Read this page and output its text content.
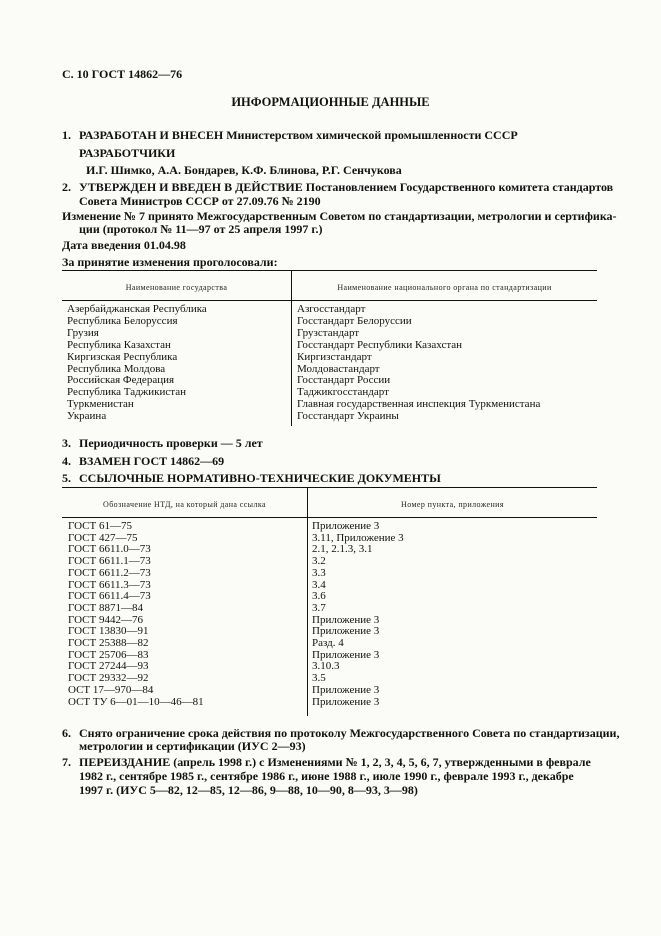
С. 10 ГОСТ 14862—76
ИНФОРМАЦИОННЫЕ ДАННЫЕ
1. РАЗРАБОТАН И ВНЕСЕН Министерством химической промышленности СССР
РАЗРАБОТЧИКИ
И.Г. Шимко, А.А. Бондарев, К.Ф. Блинова, Р.Г. Сенчукова
2. УТВЕРЖДЕН И ВВЕДЕН В ДЕЙСТВИЕ Постановлением Государственного комитета стандартов
Совета Министров СССР от 27.09.76 № 2190
Изменение № 7 принято Межгосударственным Советом по стандартизации, метрологии и сертифика-
ции (протокол № 11—97 от 25 апреля 1997 г.)
Дата введения 01.04.98
За принятие изменения проголосовали:
Наименование государства	Наименование национального органа по стандартизации
Азербайджанская Республика
Республика Белоруссия
Грузия
Республика Казахстан
Киргизская Республика
Республика Молдова
Российская Федерация
Республика Таджикистан
Туркменистан
Украина
Азгосстандарт
Госстандарт Белоруссии
Грузстандарт
Госстандарт Республики Казахстан
Киргизстандарт
Молдовастандарт
Госстандарт России
Таджикгосстандарт
Главная государственная инспекция Туркменистана
Госстандарт Украины
3. Периодичность проверки — 5 лет
4. ВЗАМЕН ГОСТ 14862—69
5. ССЫЛОЧНЫЕ НОРМАТИВНО-ТЕХНИЧЕСКИЕ ДОКУМЕНТЫ
Обозначение НТД, на который дана ссылка	Номер пункта, приложения
ГОСТ 61—75
ГОСТ 427—75
ГОСТ 6611.0—73
ГОСТ 6611.1—73
ГОСТ 6611.2—73
ГОСТ 6611.3—73
ГОСТ 6611.4—73
ГОСТ 8871—84
ГОСТ 9442—76
ГОСТ 13830—91
ГОСТ 25388—82
ГОСТ 25706—83
ГОСТ 27244—93
ГОСТ 29332—92
ОСТ 17—970—84
ОСТ ТУ 6—01—10—46—81
Приложение 3
3.11, Приложение 3
2.1, 2.1.3, 3.1
3.2
3.3
3.4
3.6
3.7
Приложение 3
Приложение 3
Разд. 4
Приложение 3
3.10.3
3.5
Приложение 3
Приложение 3
6. Снято ограничение срока действия по протоколу Межгосударственного Совета по стандартизации,
метрологии и сертификации (ИУС 2—93)
7. ПЕРЕИЗДАНИЕ (апрель 1998 г.) с Изменениями № 1, 2, 3, 4, 5, 6, 7, утвержденными в феврале
1982 г., сентябре 1985 г., сентябре 1986 г., июне 1988 г., июле 1990 г., феврале 1993 г., декабре
1997 г. (ИУС 5—82, 12—85, 12—86, 9—88, 10—90, 8—93, 3—98)
